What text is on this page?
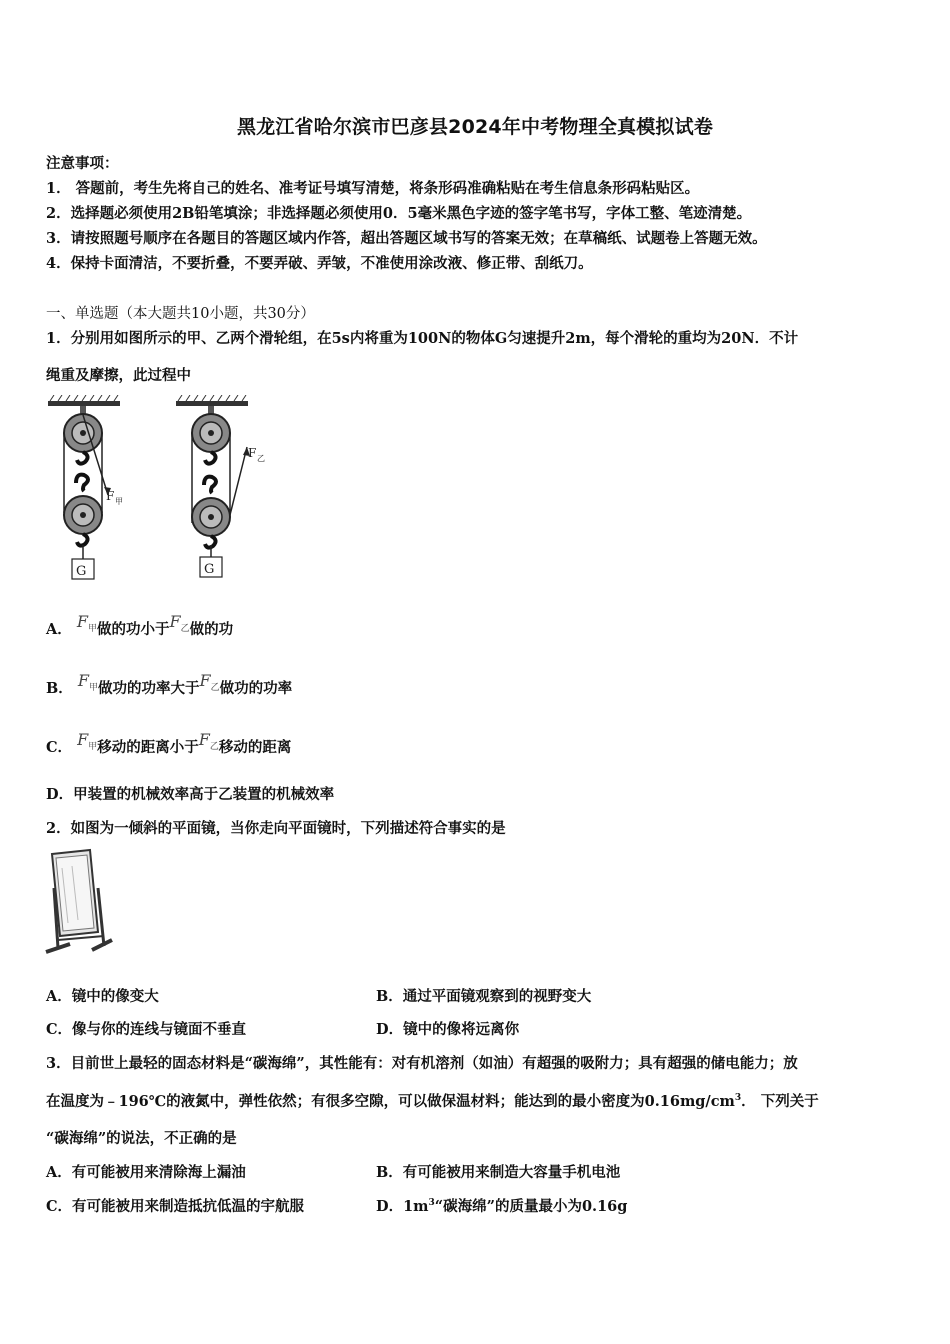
黑龙江省哈尔滨市巴彦县2024年中考物理全真模拟试卷
注意事项：
1． 答题前，考生先将自己的姓名、准考证号填写清楚，将条形码准确粘贴在考生信息条形码粘贴区。
2．选择题必须使用2B铅笔填涂；非选择题必须使用0．5毫米黑色字迹的签字笔书写，字体工整、笔迹清楚。
3．请按照题号顺序在各题目的答题区域内作答，超出答题区域书写的答案无效；在草稿纸、试题卷上答题无效。
4．保持卡面清洁，不要折叠，不要弄破、弄皱，不准使用涂改液、修正带、刮纸刀。
一、单选题（本大题共10小题，共30分）
1．分别用如图所示的甲、乙两个滑轮组，在5s内将重为100N的物体G匀速提升2m，每个滑轮的重均为20N．不计
绳重及摩擦，此过程中
F 甲
G
F 乙
G
A． $F_甲$做的功小于$F_乙$做的功
B． $F_甲$做功的功率大于$F_乙$做功的功率
C． $F_甲$移动的距离小于$F_乙$移动的距离
D．甲装置的机械效率高于乙装置的机械效率
2．如图为一倾斜的平面镜，当你走向平面镜时，下列描述符合事实的是
A．镜中的像变大	B．通过平面镜观察到的视野变大
C．像与你的连线与镜面不垂直	D．镜中的像将远离你
3．目前世上最轻的固态材料是“碳海绵”，其性能有：对有机溶剂（如油）有超强的吸附力；具有超强的储电能力；放
在温度为﹣196℃的液氮中，弹性依然；有很多空隙，可以做保温材料；能达到的最小密度为$0.16mg/cm^3$． 下列关于
“碳海绵”的说法，不正确的是
A．有可能被用来清除海上漏油	B．有可能被用来制造大容量手机电池
C．有可能被用来制造抵抗低温的宇航服	D．$1m^3“$碳海绵”的质量最小为0.16g
